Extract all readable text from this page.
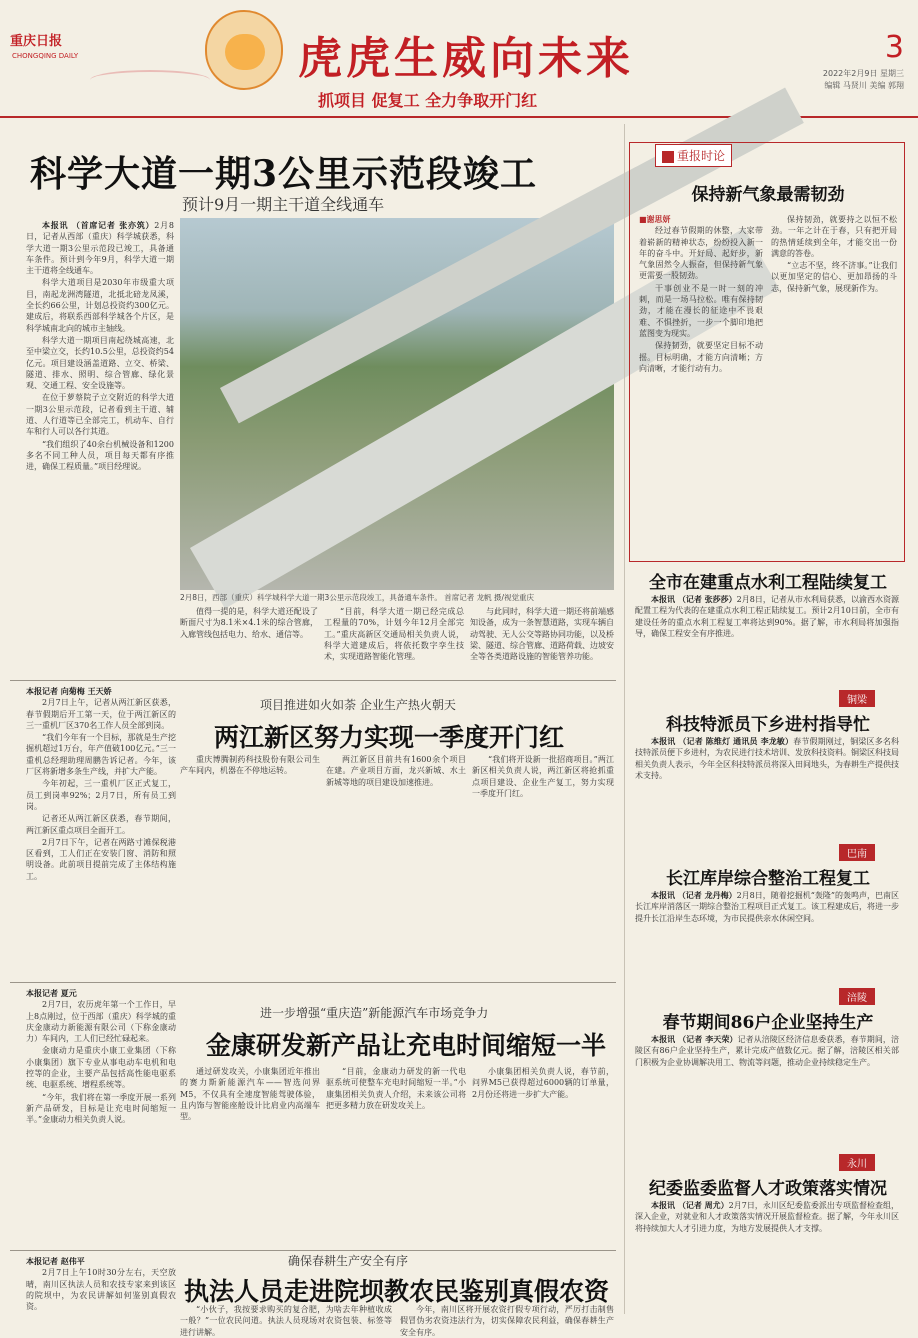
重庆日报
CHONGQING DAILY	虎虎生威向未来
抓项目 促复工 全力争取开门红
3
2022年2月9日 星期三
编辑 马贤川 美编 郭翔
科学大道一期3公里示范段竣工
预计9月一期主干道全线通车

本报讯 （首席记者 张亦筑）2月8日，记者从西部（重庆）科学城获悉，科学大道一期3公里示范段已竣工，具备通车条件。预计到今年9月，科学大道一期主干道将全线通车。

科学大道项目是2030年市级重大项目，南起龙洲湾隧道，北抵北碚龙凤溪，全长约66公里，计划总投资约300亿元。建成后，将联系西部科学城各个片区，是科学城南北向的城市主轴线。

科学大道一期项目南起绕城高速，北至中梁立交，长约10.5公里，总投资约54亿元。项目建设涵盖道路、立交、桥梁、隧道、排水、照明、综合管廊、绿化景观、交通工程、安全设施等。

在位于萝蔡院子立交附近的科学大道一期3公里示范段，记者看到主干道、辅道、人行道等已全部完工，机动车、自行车和行人可以各行其道。

“我们组织了40余台机械设备和1200多名不同工种人员，项目每天都有序推进，确保工程质量。”项目经理说。

2月8日，西部（重庆）科学城科学大道一期3公里示范段竣工，具备通车条件。 首席记者 龙帆 摄/视觉重庆

值得一提的是，科学大道还配设了断面尺寸为8.1米×4.1米的综合管廊，入廊管线包括电力、给水、通信等。

“目前，科学大道一期已经完成总工程量的70%，计划今年12月全部完工。”重庆高新区交通局相关负责人说，科学大道建成后，将依托数字孪生技术，实现道路智能化管理。

与此同时，科学大道一期还将前端感知设备，成为一条智慧道路，实现车辆自动驾驶、无人公交等路协同功能，以及桥梁、隧道、综合管廊、道路荷载、边坡安全等各类道路设施的智能管养功能。

本报记者 向菊梅 王天娇

2月7日上午，记者从两江新区获悉，春节假期后开工第一天，位于两江新区的三一重机厂区370名工作人员全部到岗。

“我们今年有一个目标，那就是生产挖掘机超过1万台，年产值破100亿元。”三一重机总经理助理周鹏告诉记者。今年，该厂区将新增多条生产线，并扩大产能。

今年初起，三一重机厂区正式复工，员工到岗率92%；2月7日，所有员工到岗。

记者还从两江新区获悉，春节期间，两江新区重点项目全面开工。

2月7日下午，记者在两路寸滩保税港区看到，工人们正在安装门窗、消防和照明设备。此前项目提前完成了主体结构施工。

项目推进如火如荼 企业生产热火朝天
两江新区努力实现一季度开门红

重庆博腾制药科技股份有限公司生产车间内，机器在不停地运转。

两江新区目前共有1600余个项目在建。产业项目方面，龙兴新城、水土新城等地的项目建设加速推进。

“我们将开设新一批招商项目。”两江新区相关负责人说，两江新区将抢抓重点项目建设、企业生产复工，努力实现一季度开门红。

本报记者 夏元

2月7日，农历虎年第一个工作日，早上8点刚过，位于西部（重庆）科学城的重庆金康动力新能源有限公司（下称金康动力）车间内，工人们已经忙碌起来。

金康动力是重庆小康工业集团（下称小康集团）旗下专业从事电动车电机和电控等的企业，主要产品包括高性能电驱系统、电驱系统、增程系统等。

“今年，我们将在第一季度开展一系列新产品研发，目标是让充电时间缩短一半。”金康动力相关负责人说。

进一步增强“重庆造”新能源汽车市场竞争力
金康研发新产品让充电时间缩短一半

通过研发攻关，小康集团近年推出的赛力斯新能源汽车——智选问界M5，不仅具有全速度智能驾驶体验，且内饰与智能座舱设计比肩业内高端车型。

“目前，金康动力研发的新一代电驱系统可使整车充电时间缩短一半。”小康集团相关负责人介绍，未来该公司将把更多精力放在研发攻关上。

小康集团相关负责人说，春节前，问界M5已获得超过6000辆的订单量，2月份还将进一步扩大产能。

本报记者 赵伟平

2月7日上午10时30分左右，天空放晴，南川区执法人员和农技专家来到该区的院坝中，为农民讲解如何鉴别真假农资。

确保春耕生产安全有序
执法人员走进院坝教农民鉴别真假农资

“小伙子，我按要求购买的复合肥，为啥去年种植收成一般？”一位农民问道。执法人员现场对农资包装、标签等进行讲解。

今年，南川区将开展农资打假专项行动，严厉打击制售假冒伪劣农资违法行为，切实保障农民利益，确保春耕生产安全有序。

重报时论
保持新气象最需韧劲

■谢思妍

经过春节假期的休整，大家带着崭新的精神状态，纷纷投入新一年的奋斗中。开好局、起好步，新气象固然令人振奋，但保持新气象更需要一股韧劲。

干事创业不是一时一刻的冲刺，而是一场马拉松。唯有保持韧劲，才能在漫长的征途中不畏艰难、不惧挫折，一步一个脚印地把蓝图变为现实。

保持韧劲，就要坚定目标不动摇。目标明确，才能方向清晰；方向清晰，才能行动有力。

保持韧劲，就要持之以恒不松劲。一年之计在于春，只有把开局的热情延续到全年，才能交出一份满意的答卷。

“立志不坚，终不济事。”让我们以更加坚定的信心、更加昂扬的斗志，保持新气象，展现新作为。

全市在建重点水利工程陆续复工

本报讯 （记者 张莎莎）2月8日，记者从市水利局获悉，以渝西水资源配置工程为代表的在建重点水利工程正陆续复工。预计2月10日前，全市有建设任务的重点水利工程复工率将达到90%。据了解，市水利局将加强指导，确保工程安全有序推进。

铜梁
科技特派员下乡进村指导忙

本报讯 （记者 陈维灯 通讯员 李龙敏）春节假期刚过，铜梁区多名科技特派员便下乡进村，为农民进行技术培训、发放科技资料。铜梁区科技局相关负责人表示，今年全区科技特派员将深入田间地头，为春耕生产提供技术支持。

巴南
长江库岸综合整治工程复工

本报讯 （记者 龙丹梅）2月8日，随着挖掘机“轰隆”的轰鸣声，巴南区长江库岸消落区一期综合整治工程项目正式复工。该工程建成后，将进一步提升长江沿岸生态环境，为市民提供亲水休闲空间。

涪陵
春节期间86户企业坚持生产

本报讯 （记者 李天荣）记者从涪陵区经济信息委获悉，春节期间，涪陵区有86户企业坚持生产，累计完成产值数亿元。据了解，涪陵区相关部门积极为企业协调解决用工、物流等问题，推动企业持续稳定生产。

永川
纪委监委监督人才政策落实情况

本报讯 （记者 周尤）2月7日，永川区纪委监委派出专项监督检查组，深入企业，对就业和人才政策落实情况开展监督检查。据了解，今年永川区将持续加大人才引进力度，为地方发展提供人才支撑。
